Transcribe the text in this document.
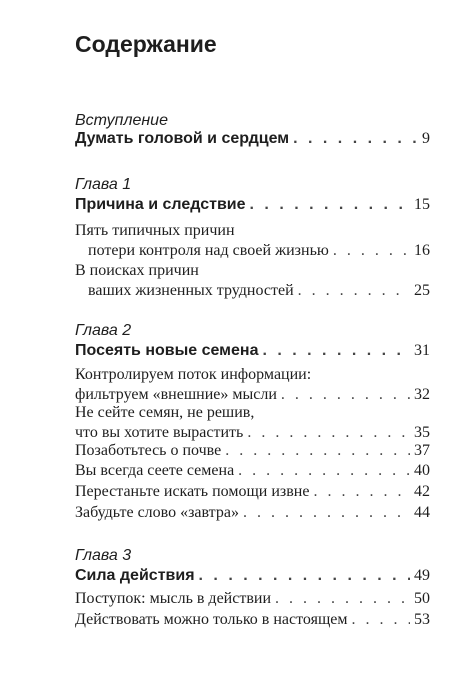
Содержание
Вступление
Думать головой и сердцем . . .	9
Глава 1
Причина и следствие . . .	15
Пять типичных причин
потери контроля над своей жизнью . . .	16
В поисках причин
ваших жизненных трудностей . . .	25
Глава 2
Посеять новые семена . . .	31
Контролируем поток информации:
фильтруем «внешние» мысли . . .	32
Не сейте семян, не решив,
что вы хотите вырастить . . .	35
Позаботьтесь о почве . . .	37
Вы всегда сеете семена . . .	40
Перестаньте искать помощи извне . . .	42
Забудьте слово «завтра» . . .	44
Глава 3
Сила действия . . .	49
Поступок: мысль в действии . . .	50
Действовать можно только в настоящем . . .	53
